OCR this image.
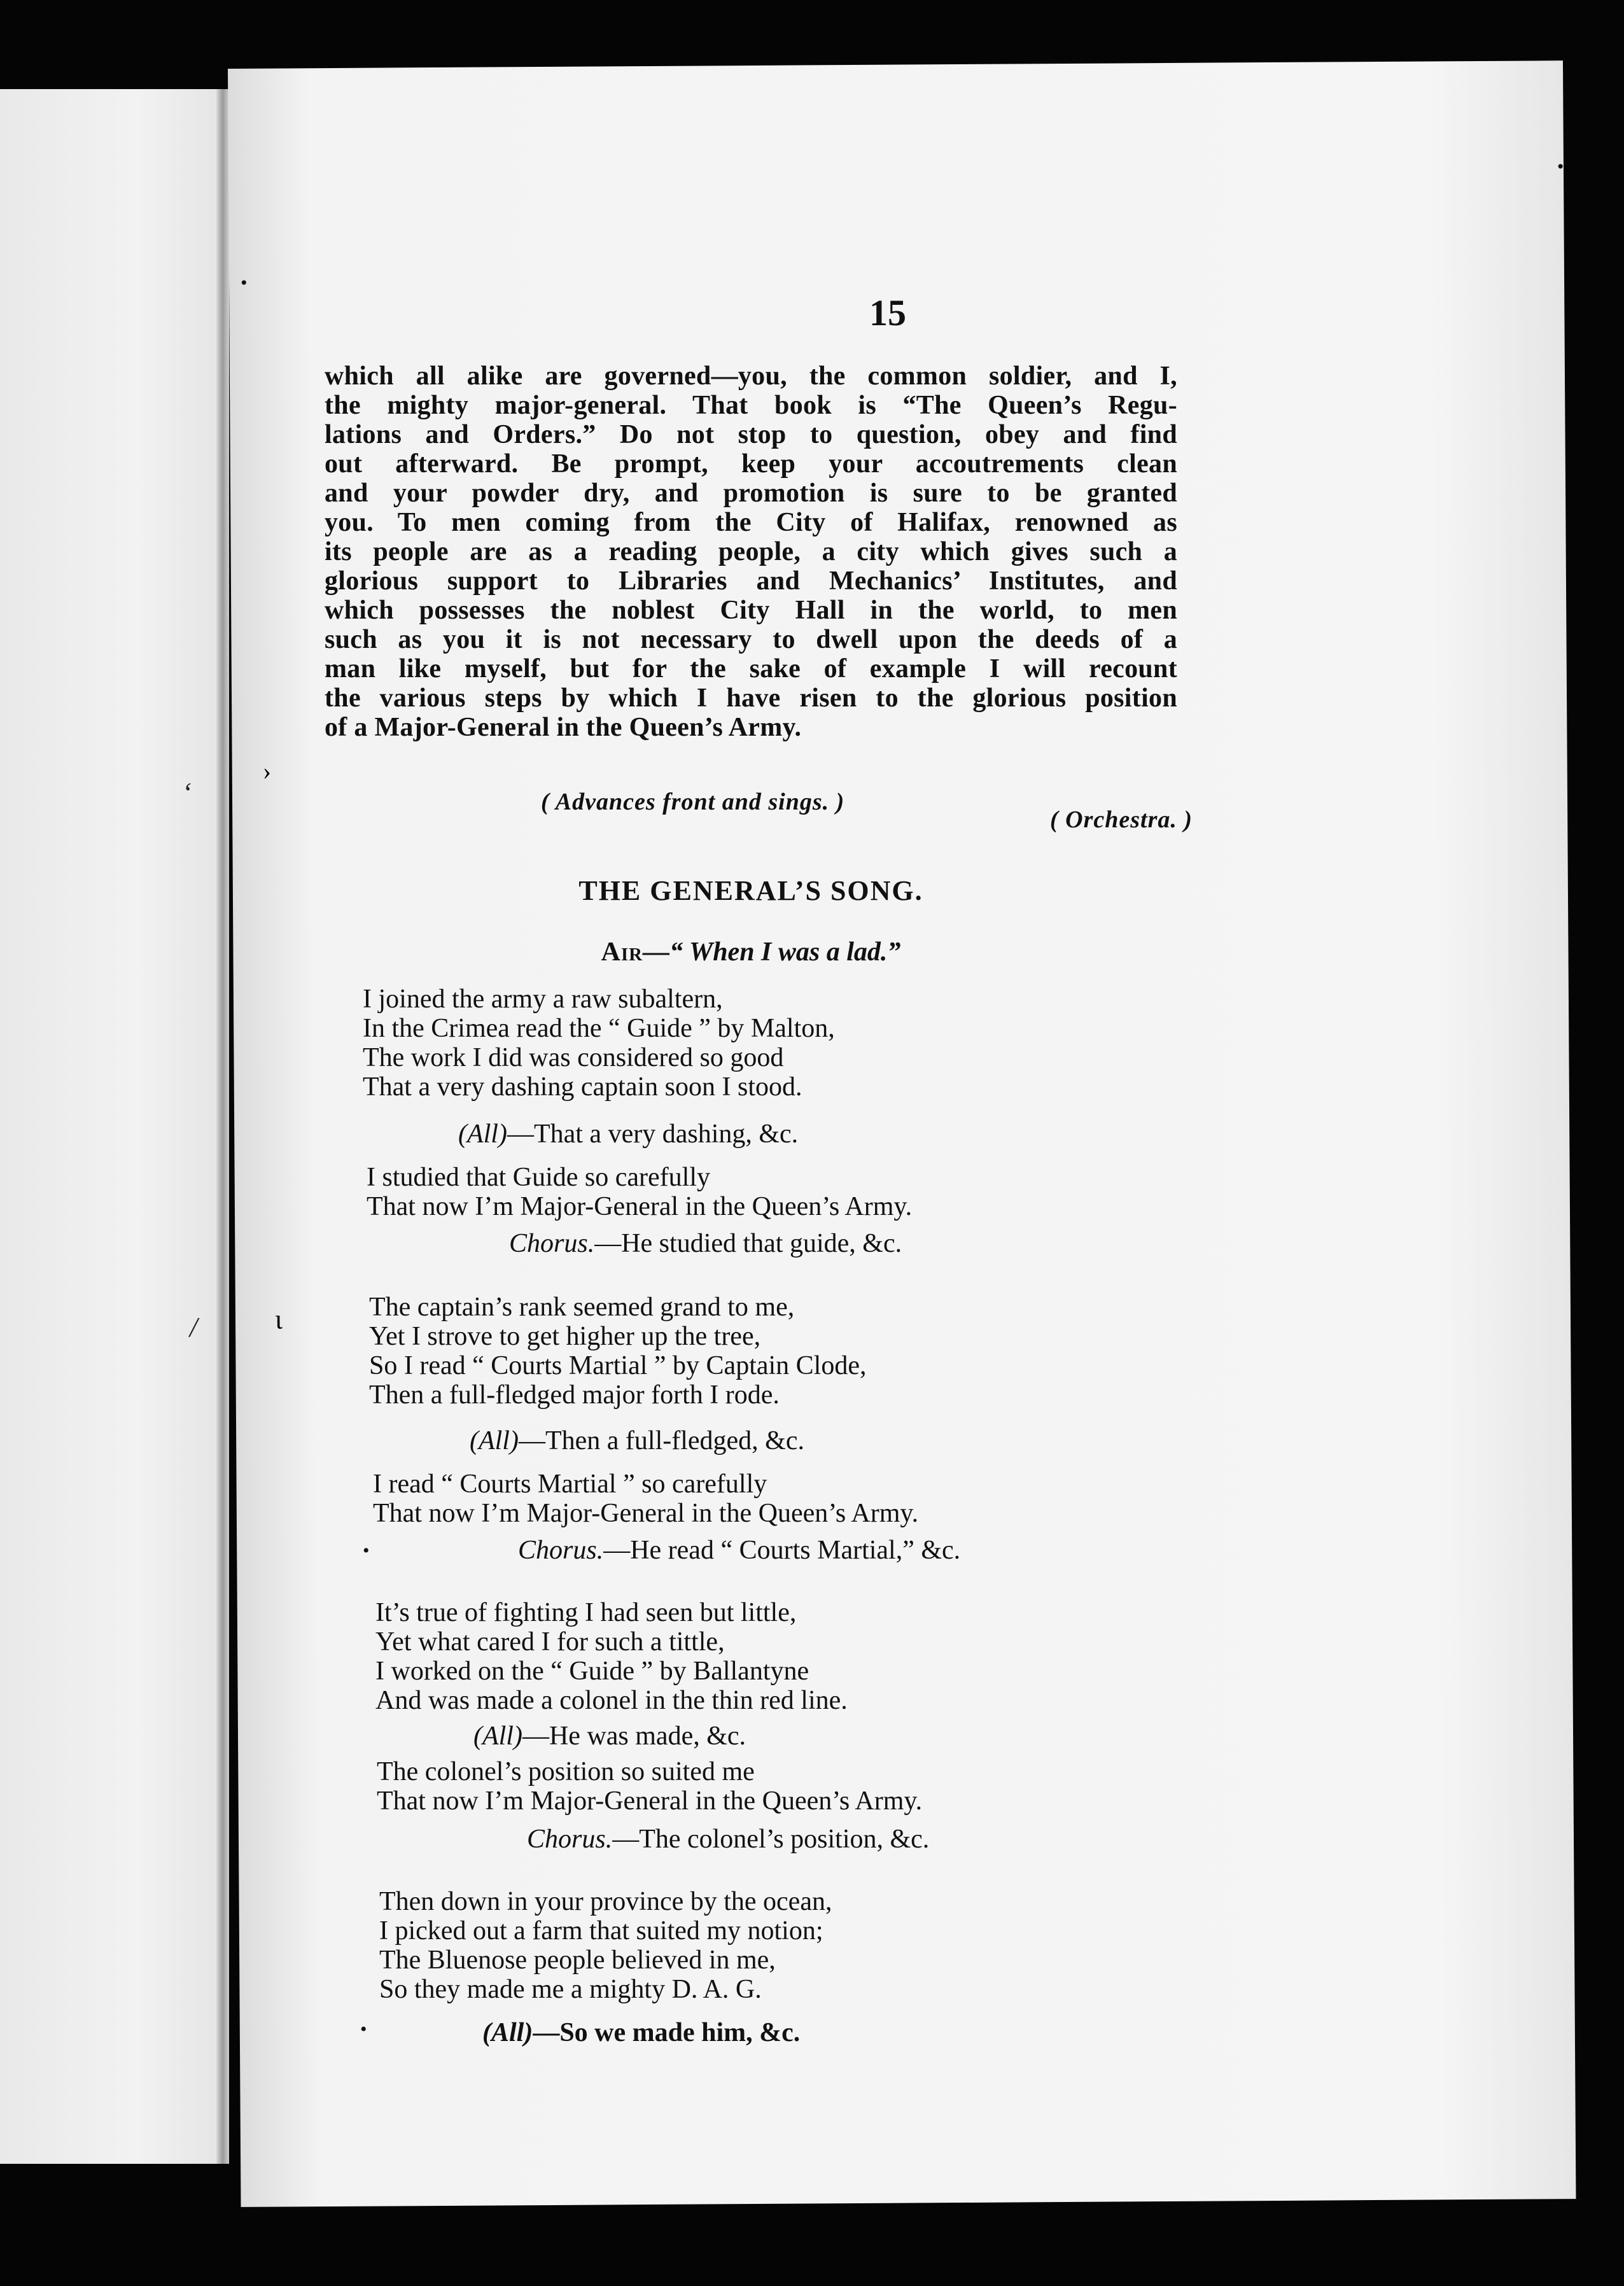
‘
/
›
ι
•
•
15
which all alike are governed—you, the common soldier, and I,
the mighty major-general. That book is “The Queen’s Regu-
lations and Orders.” Do not stop to question, obey and find
out afterward. Be prompt, keep your accoutrements clean
and your powder dry, and promotion is sure to be granted
you. To men coming from the City of Halifax, renowned as
its people are as a reading people, a city which gives such a
glorious support to Libraries and Mechanics’ Institutes, and
which possesses the noblest City Hall in the world, to men
such as you it is not necessary to dwell upon the deeds of a
man like myself, but for the sake of example I will recount
the various steps by which I have risen to the glorious position
of a Major-General in the Queen’s Army.
( Advances front and sings. )
( Orchestra. )
THE GENERAL’S SONG.
Air—“ When I was a lad.”
I joined the army a raw subaltern,
In the Crimea read the “ Guide ” by Malton,
The work I did was considered so good
That a very dashing captain soon I stood.
(All)—That a very dashing, &c.
I studied that Guide so carefully
That now I’m Major-General in the Queen’s Army.
Chorus.—He studied that guide, &c.
The captain’s rank seemed grand to me,
Yet I strove to get higher up the tree,
So I read “ Courts Martial ” by Captain Clode,
Then a full-fledged major forth I rode.
(All)—Then a full-fledged, &c.
I read “ Courts Martial ” so carefully
That now I’m Major-General in the Queen’s Army.
•	Chorus.—He read “ Courts Martial,” &c.
It’s true of fighting I had seen but little,
Yet what cared I for such a tittle,
I worked on the “ Guide ” by Ballantyne
And was made a colonel in the thin red line.
(All)—He was made, &c.
The colonel’s position so suited me
That now I’m Major-General in the Queen’s Army.
Chorus.—The colonel’s position, &c.
Then down in your province by the ocean,
I picked out a farm that suited my notion;
The Bluenose people believed in me,
So they made me a mighty D. A. G.
•	(All)—So we made him, &c.
